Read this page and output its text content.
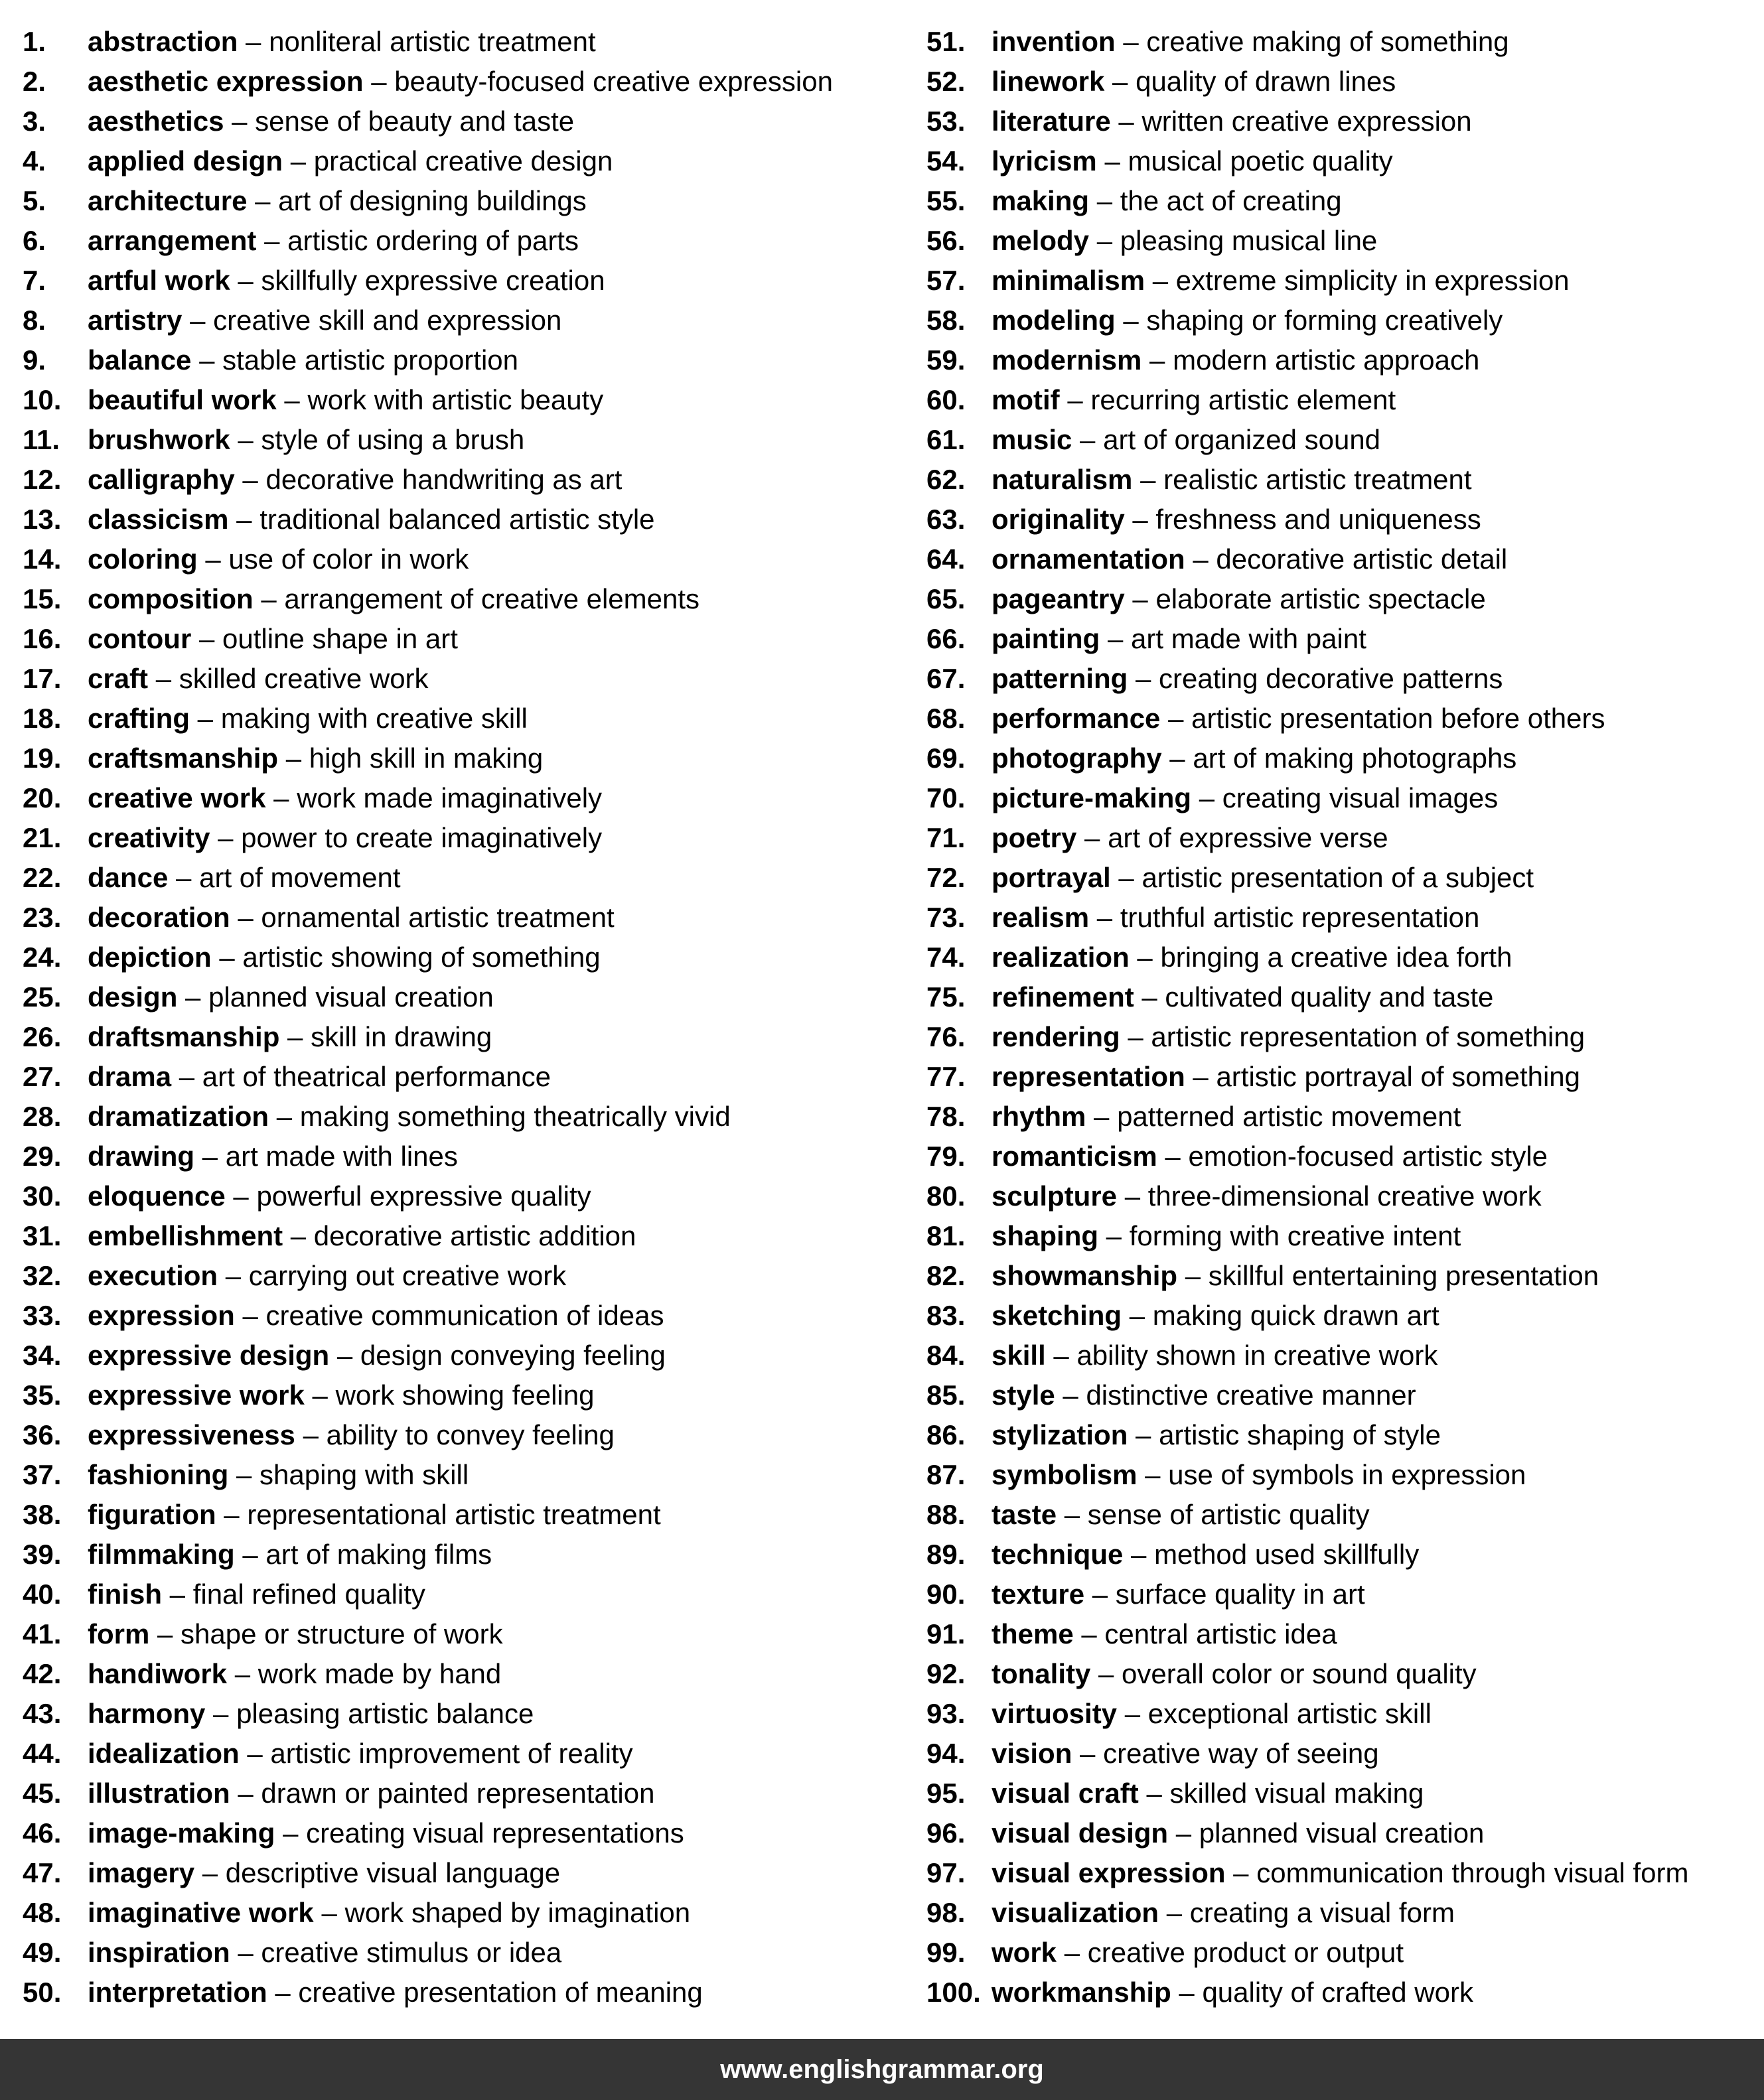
1. abstraction – nonliteral artistic treatment
2. aesthetic expression – beauty-focused creative expression
3. aesthetics – sense of beauty and taste
4. applied design – practical creative design
5. architecture – art of designing buildings
6. arrangement – artistic ordering of parts
7. artful work – skillfully expressive creation
8. artistry – creative skill and expression
9. balance – stable artistic proportion
10. beautiful work – work with artistic beauty
11. brushwork – style of using a brush
12. calligraphy – decorative handwriting as art
13. classicism – traditional balanced artistic style
14. coloring – use of color in work
15. composition – arrangement of creative elements
16. contour – outline shape in art
17. craft – skilled creative work
18. crafting – making with creative skill
19. craftsmanship – high skill in making
20. creative work – work made imaginatively
21. creativity – power to create imaginatively
22. dance – art of movement
23. decoration – ornamental artistic treatment
24. depiction – artistic showing of something
25. design – planned visual creation
26. draftsmanship – skill in drawing
27. drama – art of theatrical performance
28. dramatization – making something theatrically vivid
29. drawing – art made with lines
30. eloquence – powerful expressive quality
31. embellishment – decorative artistic addition
32. execution – carrying out creative work
33. expression – creative communication of ideas
34. expressive design – design conveying feeling
35. expressive work – work showing feeling
36. expressiveness – ability to convey feeling
37. fashioning – shaping with skill
38. figuration – representational artistic treatment
39. filmmaking – art of making films
40. finish – final refined quality
41. form – shape or structure of work
42. handiwork – work made by hand
43. harmony – pleasing artistic balance
44. idealization – artistic improvement of reality
45. illustration – drawn or painted representation
46. image-making – creating visual representations
47. imagery – descriptive visual language
48. imaginative work – work shaped by imagination
49. inspiration – creative stimulus or idea
50. interpretation – creative presentation of meaning
51. invention – creative making of something
52. linework – quality of drawn lines
53. literature – written creative expression
54. lyricism – musical poetic quality
55. making – the act of creating
56. melody – pleasing musical line
57. minimalism – extreme simplicity in expression
58. modeling – shaping or forming creatively
59. modernism – modern artistic approach
60. motif – recurring artistic element
61. music – art of organized sound
62. naturalism – realistic artistic treatment
63. originality – freshness and uniqueness
64. ornamentation – decorative artistic detail
65. pageantry – elaborate artistic spectacle
66. painting – art made with paint
67. patterning – creating decorative patterns
68. performance – artistic presentation before others
69. photography – art of making photographs
70. picture-making – creating visual images
71. poetry – art of expressive verse
72. portrayal – artistic presentation of a subject
73. realism – truthful artistic representation
74. realization – bringing a creative idea forth
75. refinement – cultivated quality and taste
76. rendering – artistic representation of something
77. representation – artistic portrayal of something
78. rhythm – patterned artistic movement
79. romanticism – emotion-focused artistic style
80. sculpture – three-dimensional creative work
81. shaping – forming with creative intent
82. showmanship – skillful entertaining presentation
83. sketching – making quick drawn art
84. skill – ability shown in creative work
85. style – distinctive creative manner
86. stylization – artistic shaping of style
87. symbolism – use of symbols in expression
88. taste – sense of artistic quality
89. technique – method used skillfully
90. texture – surface quality in art
91. theme – central artistic idea
92. tonality – overall color or sound quality
93. virtuosity – exceptional artistic skill
94. vision – creative way of seeing
95. visual craft – skilled visual making
96. visual design – planned visual creation
97. visual expression – communication through visual form
98. visualization – creating a visual form
99. work – creative product or output
100. workmanship – quality of crafted work
www.englishgrammar.org
